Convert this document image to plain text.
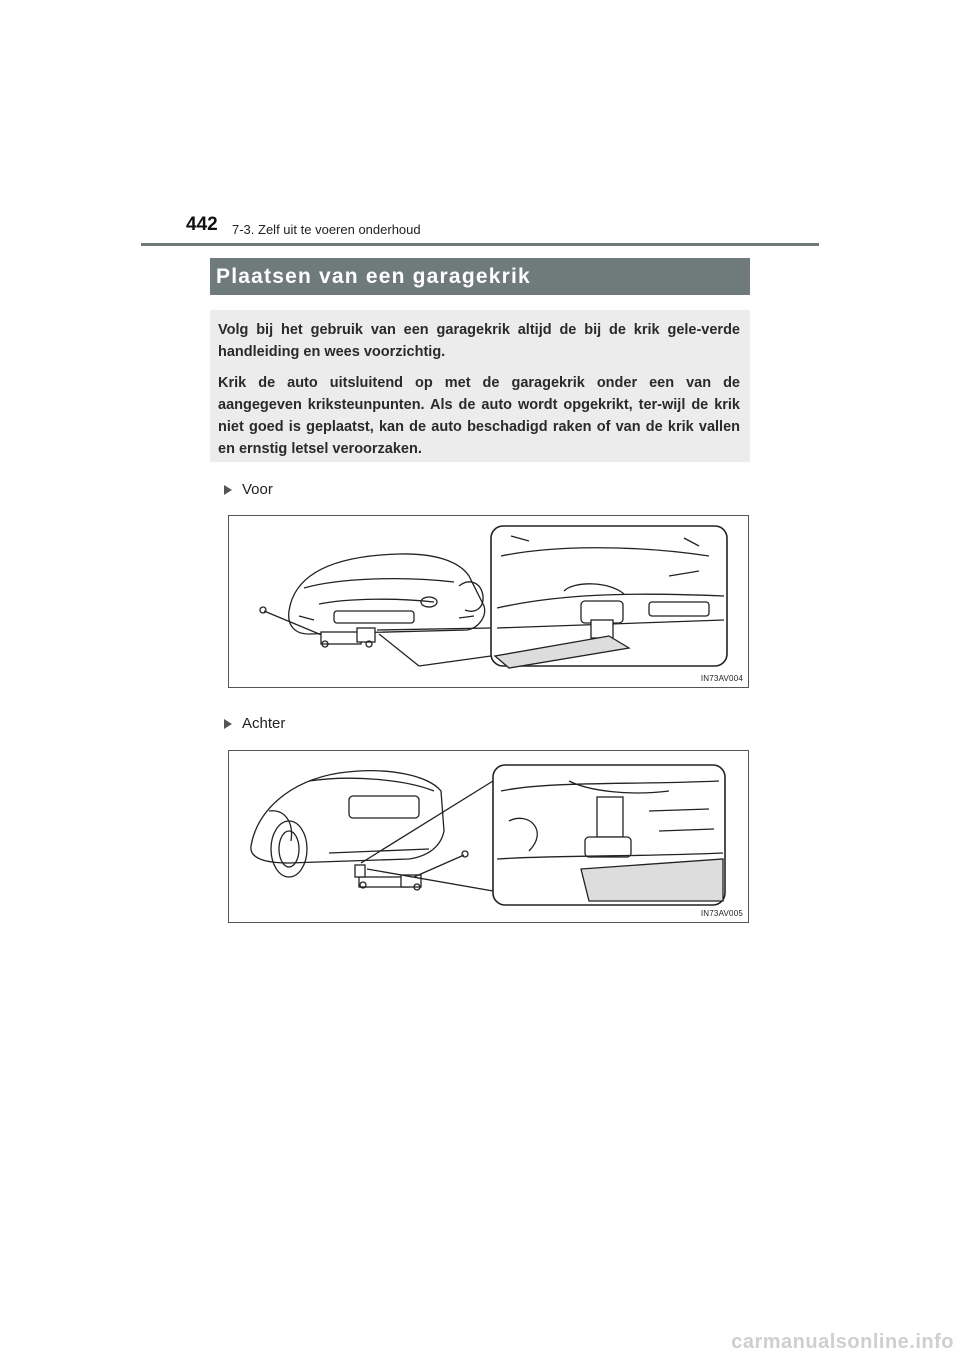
442 7-3. Zelf uit te voeren onderhoud
Plaatsen van een garagekrik

Volg bij het gebruik van een garagekrik altijd de bij de krik gele-verde handleiding en wees voorzichtig.

Krik de auto uitsluitend op met de garagekrik onder een van de aangegeven kriksteunpunten. Als de auto wordt opgekrikt, ter-wijl de krik niet goed is geplaatst, kan de auto beschadigd raken of van de krik vallen en ernstig letsel veroorzaken.

Voor
IN73AV004
Achter
IN73AV005
carmanualsonline.info
